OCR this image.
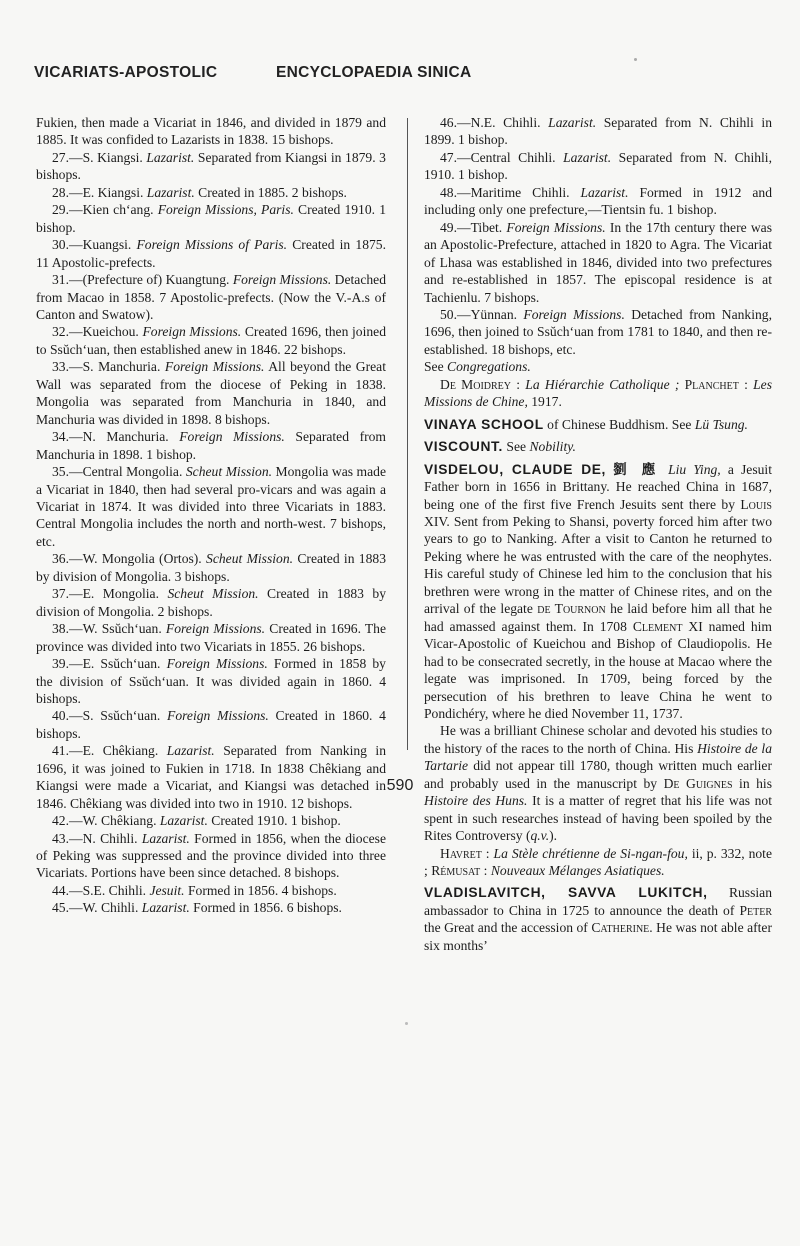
VICARIATS-APOSTOLIC	ENCYCLOPAEDIA SINICA

Fukien, then made a Vicariat in 1846, and divided in 1879 and 1885. It was confided to Lazarists in 1838. 15 bishops.

27.—S. Kiangsi. Lazarist. Separated from Kiangsi in 1879. 3 bishops.

28.—E. Kiangsi. Lazarist. Created in 1885. 2 bishops.

29.—Kien ch‘ang. Foreign Missions, Paris. Created 1910. 1 bishop.

30.—Kuangsi. Foreign Missions of Paris. Created in 1875. 11 Apostolic-prefects.

31.—(Prefecture of) Kuangtung. Foreign Missions. Detached from Macao in 1858. 7 Apostolic-prefects. (Now the V.-A.s of Canton and Swatow).

32.—Kueichou. Foreign Missions. Created 1696, then joined to Ssŭch‘uan, then established anew in 1846. 22 bishops.

33.—S. Manchuria. Foreign Missions. All beyond the Great Wall was separated from the diocese of Peking in 1838. Mongolia was separated from Manchuria in 1840, and Manchuria was divided in 1898. 8 bishops.

34.—N. Manchuria. Foreign Missions. Separated from Manchuria in 1898. 1 bishop.

35.—Central Mongolia. Scheut Mission. Mongolia was made a Vicariat in 1840, then had several pro-vicars and was again a Vicariat in 1874. It was divided into three Vicariats in 1883. Central Mongolia includes the north and north-west. 7 bishops, etc.

36.—W. Mongolia (Ortos). Scheut Mission. Created in 1883 by division of Mongolia. 3 bishops.

37.—E. Mongolia. Scheut Mission. Created in 1883 by division of Mongolia. 2 bishops.

38.—W. Ssŭch‘uan. Foreign Missions. Created in 1696. The province was divided into two Vicariats in 1855. 26 bishops.

39.—E. Ssŭch‘uan. Foreign Missions. Formed in 1858 by the division of Ssŭch‘uan. It was divided again in 1860. 4 bishops.

40.—S. Ssŭch‘uan. Foreign Missions. Created in 1860. 4 bishops.

41.—E. Chêkiang. Lazarist. Separated from Nanking in 1696, it was joined to Fukien in 1718. In 1838 Chêkiang and Kiangsi were made a Vicariat, and Kiangsi was detached in 1846. Chêkiang was divided into two in 1910. 12 bishops.

42.—W. Chêkiang. Lazarist. Created 1910. 1 bishop.

43.—N. Chihli. Lazarist. Formed in 1856, when the diocese of Peking was suppressed and the province divided into three Vicariats. Portions have been since detached. 8 bishops.

44.—S.E. Chihli. Jesuit. Formed in 1856. 4 bishops.

45.—W. Chihli. Lazarist. Formed in 1856. 6 bishops.

46.—N.E. Chihli. Lazarist. Separated from N. Chihli in 1899. 1 bishop.

47.—Central Chihli. Lazarist. Separated from N. Chihli, 1910. 1 bishop.

48.—Maritime Chihli. Lazarist. Formed in 1912 and including only one prefecture,—Tientsin fu. 1 bishop.

49.—Tibet. Foreign Missions. In the 17th century there was an Apostolic-Prefecture, attached in 1820 to Agra. The Vicariat of Lhasa was established in 1846, divided into two prefectures and re-established in 1857. The episcopal residence is at Tachienlu. 7 bishops.

50.—Yünnan. Foreign Missions. Detached from Nanking, 1696, then joined to Ssŭch‘uan from 1781 to 1840, and then re-established. 18 bishops, etc.

See Congregations.

De Moidrey : La Hiérarchie Catholique ; Planchet : Les Missions de Chine, 1917.

VINAYA SCHOOL of Chinese Buddhism. See Lü Tsung.

VISCOUNT. See Nobility.

VISDELOU, CLAUDE DE, 劉 應 Liu Ying, a Jesuit Father born in 1656 in Brittany. He reached China in 1687, being one of the first five French Jesuits sent there by Louis XIV. Sent from Peking to Shansi, poverty forced him after two years to go to Nanking. After a visit to Canton he returned to Peking where he was entrusted with the care of the neophytes. His careful study of Chinese led him to the conclusion that his brethren were wrong in the matter of Chinese rites, and on the arrival of the legate de Tournon he laid before him all that he had amassed against them. In 1708 Clement XI named him Vicar-Apostolic of Kueichou and Bishop of Claudiopolis. He had to be consecrated secretly, in the house at Macao where the legate was imprisoned. In 1709, being forced by the persecution of his brethren to leave China he went to Pondichéry, where he died November 11, 1737.

He was a brilliant Chinese scholar and devoted his studies to the history of the races to the north of China. His Histoire de la Tartarie did not appear till 1780, though written much earlier and probably used in the manuscript by De Guignes in his Histoire des Huns. It is a matter of regret that his life was not spent in such researches instead of having been spoiled by the Rites Controversy (q.v.).

Havret : La Stèle chrétienne de Si-ngan-fou, ii, p. 332, note ; Rémusat : Nouveaux Mélanges Asiatiques.

VLADISLAVITCH, SAVVA LUKITCH, Russian ambassador to China in 1725 to announce the death of Peter the Great and the accession of Catherine. He was not able after six months’

590
